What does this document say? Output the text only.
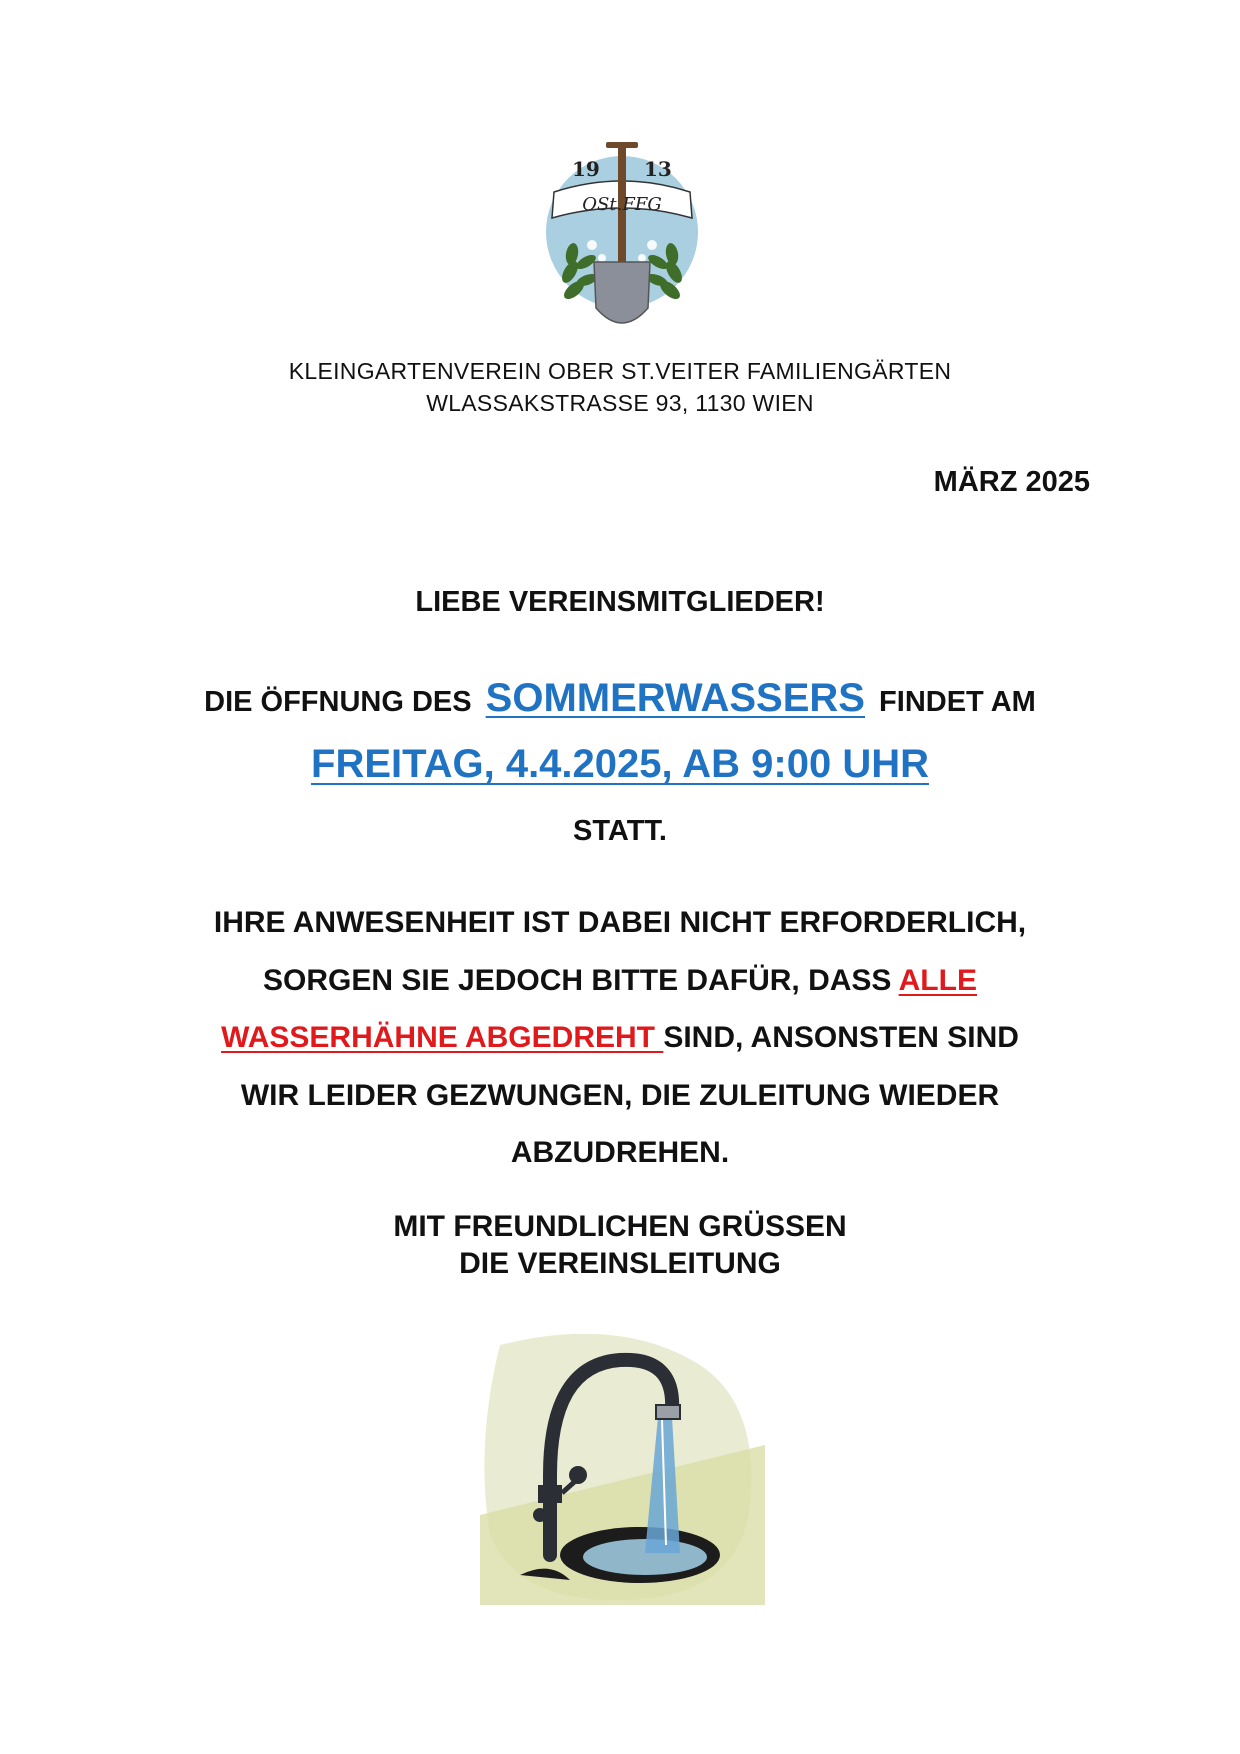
19 13
OSt.FFG
KLEINGARTENVEREIN OBER ST.VEITER FAMILIENGÄRTEN
WLASSAKSTRASSE 93, 1130 WIEN
MÄRZ 2025
LIEBE VEREINSMITGLIEDER!
DIE ÖFFNUNG DES SOMMERWASSERS FINDET AM
FREITAG, 4.4.2025, AB 9:00 UHR
STATT.
IHRE ANWESENHEIT IST DABEI NICHT ERFORDERLICH,
SORGEN SIE JEDOCH BITTE DAFÜR, DASS ALLE
WASSERHÄHNE ABGEDREHT SIND, ANSONSTEN SIND
WIR LEIDER GEZWUNGEN, DIE ZULEITUNG WIEDER
ABZUDREHEN.
MIT FREUNDLICHEN GRÜSSEN
DIE VEREINSLEITUNG
